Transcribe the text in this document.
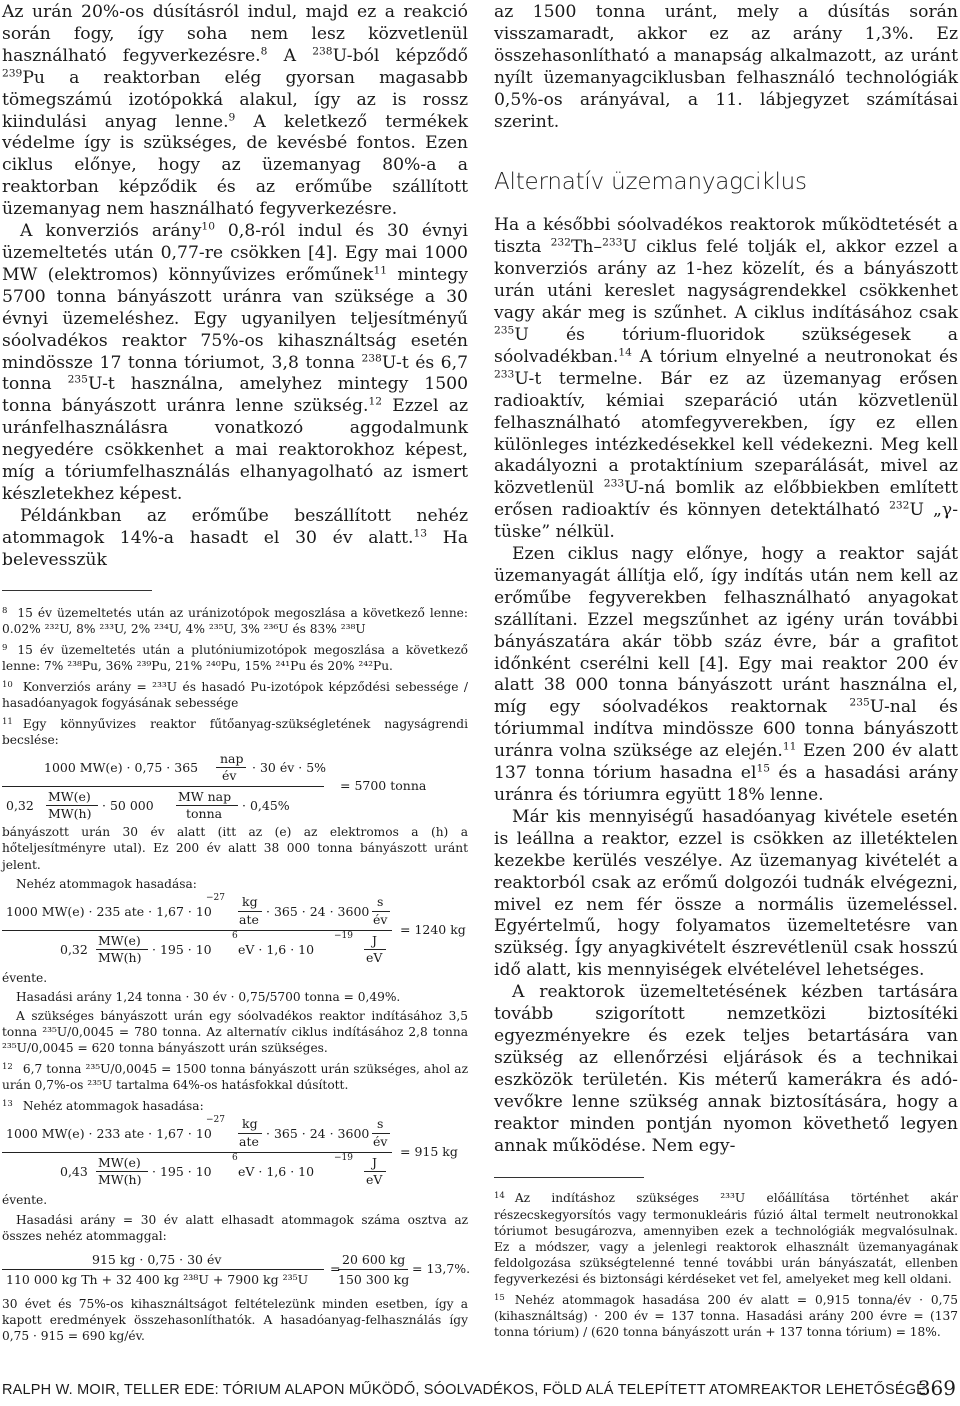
Az urán 20%-os dúsításról indul, majd ez a reakció során fogy, így soha nem lesz közvetlenül használható fegyverkezésre.$^8$ A $^{238}$U-ból képződő $^{239}$Pu a reaktorban elég gyorsan magasabb tömegszámú izotópokká alakul, így az is rossz kiindulási anyag lenne.$^9$ A keletkező termékek védelme így is szükséges, de kevésbé fontos. Ezen ciklus előnye, hogy az üzemanyag 80%-a a reaktorban képződik és az erőműbe szállított üzemanyag nem használható fegyverkezésre.

A konverziós arány$^{10}$ 0,8-ról indul és 30 évnyi üzemeltetés után 0,77-re csökken [4]. Egy mai 1000 MW (elektromos) könnyűvizes erőműnek$^{11}$ mintegy 5700 tonna bányászott uránra van szüksége a 30 évnyi üzemeléshez. Egy ugyanilyen teljesítményű sóolvadékos reaktor 75%-os kihasználtság esetén mindössze 17 tonna tóriumot, 3,8 tonna $^{238}$U-t és 6,7 tonna $^{235}$U-t használna, amelyhez mintegy 1500 tonna bányászott uránra lenne szükség.$^{12}$ Ezzel az uránfelhasználásra vonatkozó aggodalmunk negyedére csökkenhet a mai reaktorokhoz képest, míg a tóriumfelhasználás elhanyagolható az ismert készletekhez képest.

Példánkban az erőműbe beszállított nehéz atommagok 14%-a hasadt el 30 év alatt.$^{13}$ Ha belevesszük

$^8$ 15 év üzemeltetés után az uránizotópok megoszlása a következő lenne: 0.02% ²³²U, 8% ²³³U, 2% ²³⁴U, 4% ²³⁵U, 3% ²³⁶U és 83% ²³⁸U

$^9$ 15 év üzemeltetés után a plutóniumizotópok megoszlása a következő lenne: 7% ²³⁸Pu, 36% ²³⁹Pu, 21% ²⁴⁰Pu, 15% ²⁴¹Pu és 20% ²⁴²Pu.

$^{10}$ Konverziós arány = ²³³U és hasadó Pu-izotópok képződési sebessége / hasadóanyagok fogyásának sebessége

$^{11}$ Egy könnyűvizes reaktor fűtőanyag-szükségletének nagyságrendi becslése:

1000 MW(e) · 0,75 · 365
nap
év
· 30 év · 5%
= 5700 tonna
0,32
MW(e)
MW(h)
· 50 000
MW nap
tonna
· 0,45%

bányászott urán 30 év alatt (itt az (e) az elektromos a (h) a hőteljesítményre utal). Ez 200 év alatt 38 000 tonna bányászott uránt jelent.

Nehéz atommagok hasadása:

1000 MW(e) · 235 ate · 1,67 · 10
−27 kg
ate
· 365 · 24 · 3600
s
év
= 1240 kg
0,32
MW(e)
MW(h)
· 195 · 10
6
eV · 1,6 · 10
−19 J
eV

évente.

Hasadási arány 1,24 tonna · 30 év · 0,75/5700 tonna = 0,49%.

A szükséges bányászott urán egy sóolvadékos reaktor indításához 3,5 tonna ²³⁵U/0,0045 = 780 tonna. Az alternatív ciklus indításához 2,8 tonna ²³⁵U/0,0045 = 620 tonna bányászott urán szükséges.

$^{12}$ 6,7 tonna ²³⁵U/0,0045 = 1500 tonna bányászott urán szükséges, ahol az urán 0,7%-os ²³⁵U tartalma 64%-os hatásfokkal dúsított.

$^{13}$ Nehéz atommagok hasadása:

1000 MW(e) · 233 ate · 1,67 · 10
−27 kg
ate
· 365 · 24 · 3600
s
év
= 915 kg
0,43
MW(e)
MW(h)
· 195 · 10
6
eV · 1,6 · 10
−19 J
eV

évente.

Hasadási arány = 30 év alatt elhasadt atommagok száma osztva az összes nehéz atommaggal:

915 kg · 0,75 · 30 év
110 000 kg Th + 32 400 kg ²³⁸U + 7900 kg ²³⁵U
=
20 600 kg
150 300 kg
= 13,7%.

30 évet és 75%-os kihasználtságot feltételezünk minden esetben, így a kapott eredmények összehasonlíthatók. A hasadóanyag-felhasználás így 0,75 · 915 = 690 kg/év.

az 1500 tonna uránt, mely a dúsítás során visszamaradt, akkor ez az arány 1,3%. Ez összehasonlítható a manapság alkalmazott, az uránt nyílt üzemanyagciklusban felhasználó technológiák 0,5%-os arányával, a 11. lábjegyzet számításai szerint.

Alternatív üzemanyagciklus

Ha a későbbi sóolvadékos reaktorok működtetését a tiszta $^{232}$Th–$^{233}$U ciklus felé tolják el, akkor ezzel a konverziós arány az 1-hez közelít, és a bányászott urán utáni kereslet nagyságrendekkel csökkenhet vagy akár meg is szűnhet. A ciklus indításához csak $^{235}$U és tórium-fluoridok szükségesek a sóolvadékban.$^{14}$ A tórium elnyelné a neutronokat és $^{233}$U-t termelne. Bár ez az üzemanyag erősen radioaktív, kémiai szeparáció után közvetlenül felhasználható atomfegyverekben, így ez ellen különleges intézkedésekkel kell védekezni. Meg kell akadályozni a protaktínium szeparálását, mivel az közvetlenül $^{233}$U-ná bomlik az előbbiekben említett erősen radioaktív és könnyen detektálható $^{232}$U „γ-tüske” nélkül.

Ezen ciklus nagy előnye, hogy a reaktor saját üzemanyagát állítja elő, így indítás után nem kell az erőműbe fegyverekben felhasználható anyagokat szállítani. Ezzel megszűnhet az igény urán további bányászatára akár több száz évre, bár a grafitot időnként cserélni kell [4]. Egy mai reaktor 200 év alatt 38 000 tonna bányászott uránt használna el, míg egy sóolvadékos reaktornak $^{235}$U-nal és tóriummal indítva mindössze 600 tonna bányászott uránra volna szüksége az elején.$^{11}$ Ezen 200 év alatt 137 tonna tórium hasadna $el^{15}$ és a hasadási arány uránra és tóriumra együtt 18% lenne.

Már kis mennyiségű hasadóanyag kivétele esetén is leállna a reaktor, ezzel is csökken az illetéktelen kezekbe kerülés veszélye. Az üzemanyag kivételét a reaktorból csak az erőmű dolgozói tudnák elvégezni, mivel ez nem fér össze a normális üzemeléssel. Egyértelmű, hogy folyamatos üzemeltetésre van szükség. Így anyagkivételt észrevétlenül csak hosszú idő alatt, kis mennyiségek elvételével lehetséges.

A reaktorok üzemeltetésének kézben tartására tovább szigorított nemzetközi biztosítéki egyezményekre és ezek teljes betartására van szükség az ellenőrzési eljárások és a technikai eszközök területén. Kis méterű kamerákra és adó-vevőkre lenne szükség annak biztosítására, hogy a reaktor minden pontján nyomon követhető legyen annak működése. Nem egy-

$^{14}$ Az indításhoz szükséges ²³³U előállítása történhet akár részecskegyorsítós vagy termonukleáris fúzió által termelt neutronokkal tóriumot besugározva, amennyiben ezek a technológiák megvalósulnak. Ez a módszer, vagy a jelenlegi reaktorok elhasznált üzemanyagának feldolgozása szükségtelenné tenné további urán bányászatát, ellenben fegyverkezési és biztonsági kérdéseket vet fel, amelyeket meg kell oldani.

$^{15}$ Nehéz atommagok hasadása 200 év alatt = 0,915 tonna/év · 0,75 (kihasználtság) · 200 év = 137 tonna. Hasadási arány 200 évre = (137 tonna tórium) / (620 tonna bányászott urán + 137 tonna tórium) = 18%.

RALPH W. MOIR, TELLER EDE: TÓRIUM ALAPON MŰKÖDŐ, SÓOLVADÉKOS, FÖLD ALÁ TELEPÍTETT ATOMREAKTOR LEHETŐSÉGE
369
